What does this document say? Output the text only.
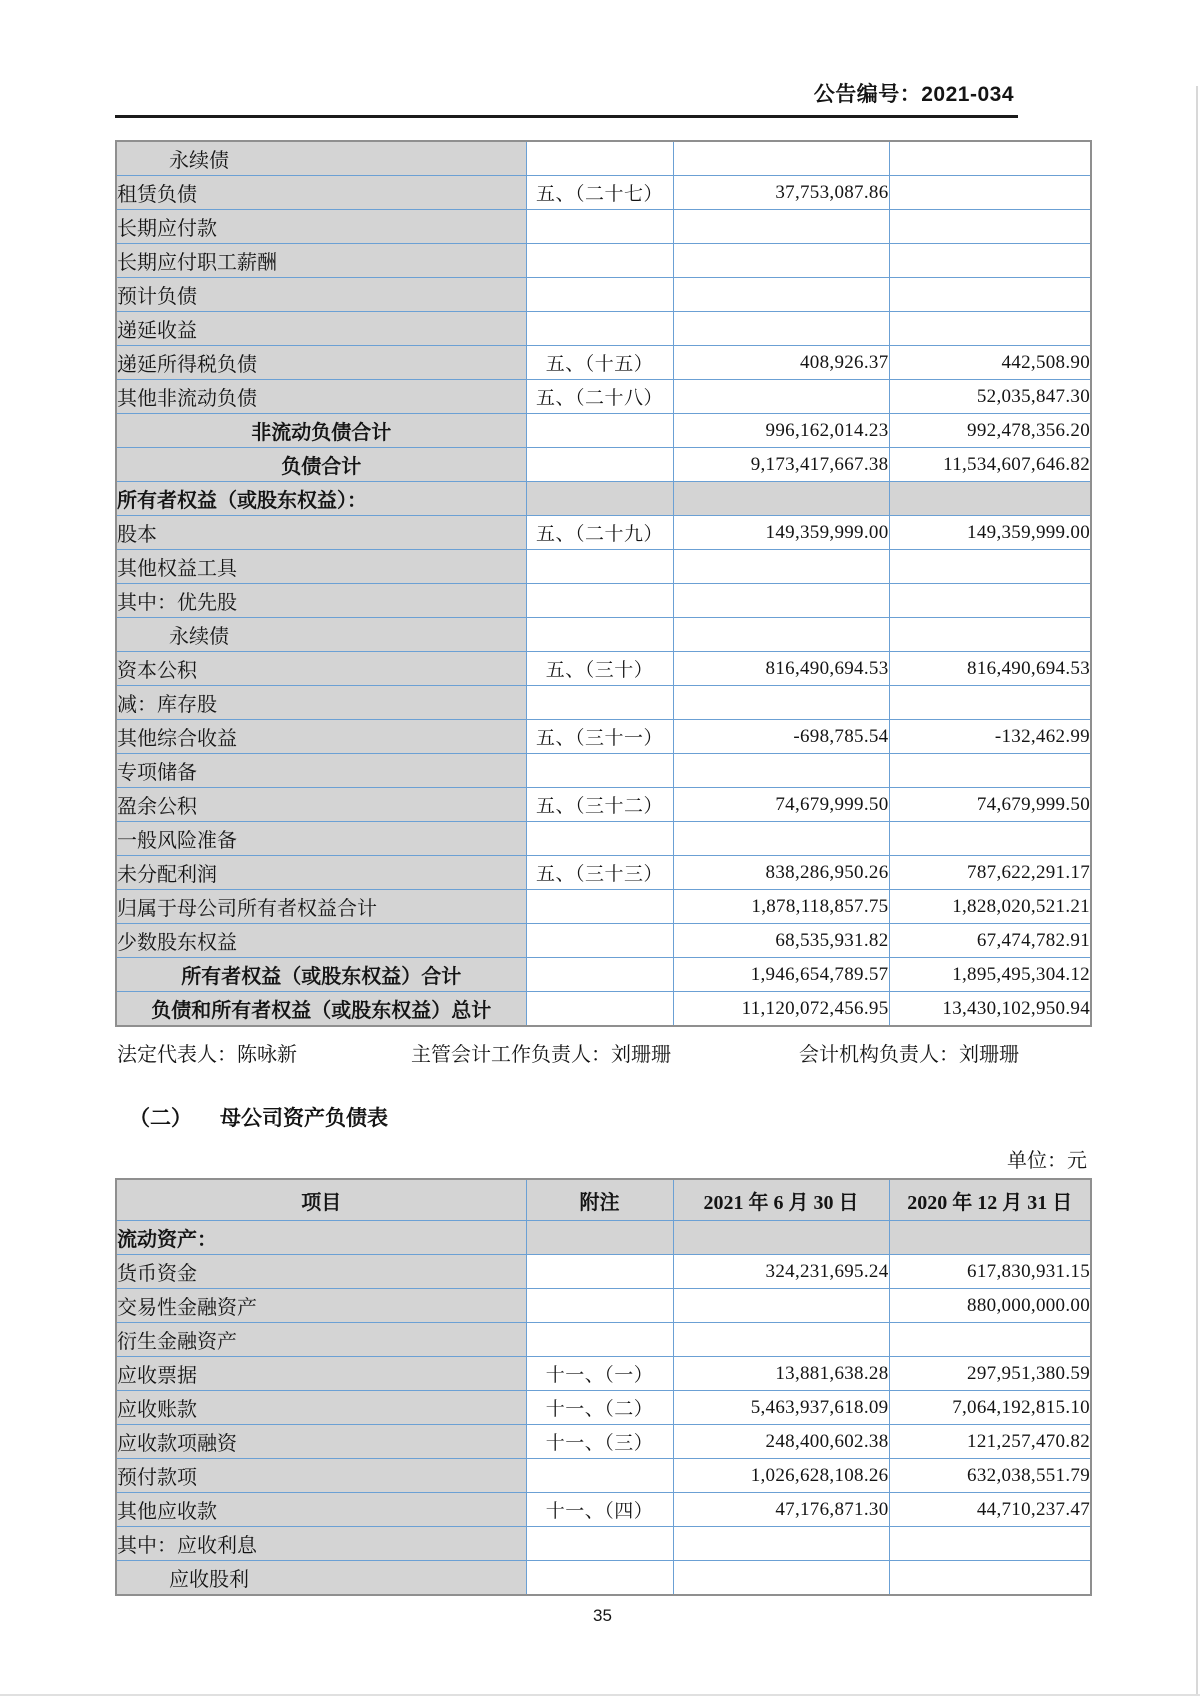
公告编号：2021-034
永续债			
租赁负债	五、（二十七）	37,753,087.86	
长期应付款			
长期应付职工薪酬			
预计负债			
递延收益			
递延所得税负债	五、（十五）	408,926.37	442,508.90
其他非流动负债	五、（二十八）		52,035,847.30
非流动负债合计		996,162,014.23	992,478,356.20
负债合计		9,173,417,667.38	11,534,607,646.82
所有者权益（或股东权益）：			
股本	五、（二十九）	149,359,999.00	149,359,999.00
其他权益工具			
其中：优先股			
永续债			
资本公积	五、（三十）	816,490,694.53	816,490,694.53
减：库存股			
其他综合收益	五、（三十一）	-698,785.54	-132,462.99
专项储备			
盈余公积	五、（三十二）	74,679,999.50	74,679,999.50
一般风险准备			
未分配利润	五、（三十三）	838,286,950.26	787,622,291.17
归属于母公司所有者权益合计		1,878,118,857.75	1,828,020,521.21
少数股东权益		68,535,931.82	67,474,782.91
所有者权益（或股东权益）合计		1,946,654,789.57	1,895,495,304.12
负债和所有者权益（或股东权益）总计		11,120,072,456.95	13,430,102,950.94
法定代表人：陈咏新	主管会计工作负责人：刘珊珊	会计机构负责人：刘珊珊
（二） 母公司资产负债表
单位：元
项目	附注	2021 年 6 月 30 日	2020 年 12 月 31 日
流动资产：			
货币资金		324,231,695.24	617,830,931.15
交易性金融资产			880,000,000.00
衍生金融资产			
应收票据	十一、（一）	13,881,638.28	297,951,380.59
应收账款	十一、（二）	5,463,937,618.09	7,064,192,815.10
应收款项融资	十一、（三）	248,400,602.38	121,257,470.82
预付款项		1,026,628,108.26	632,038,551.79
其他应收款	十一、（四）	47,176,871.30	44,710,237.47
其中：应收利息			
应收股利			
35
